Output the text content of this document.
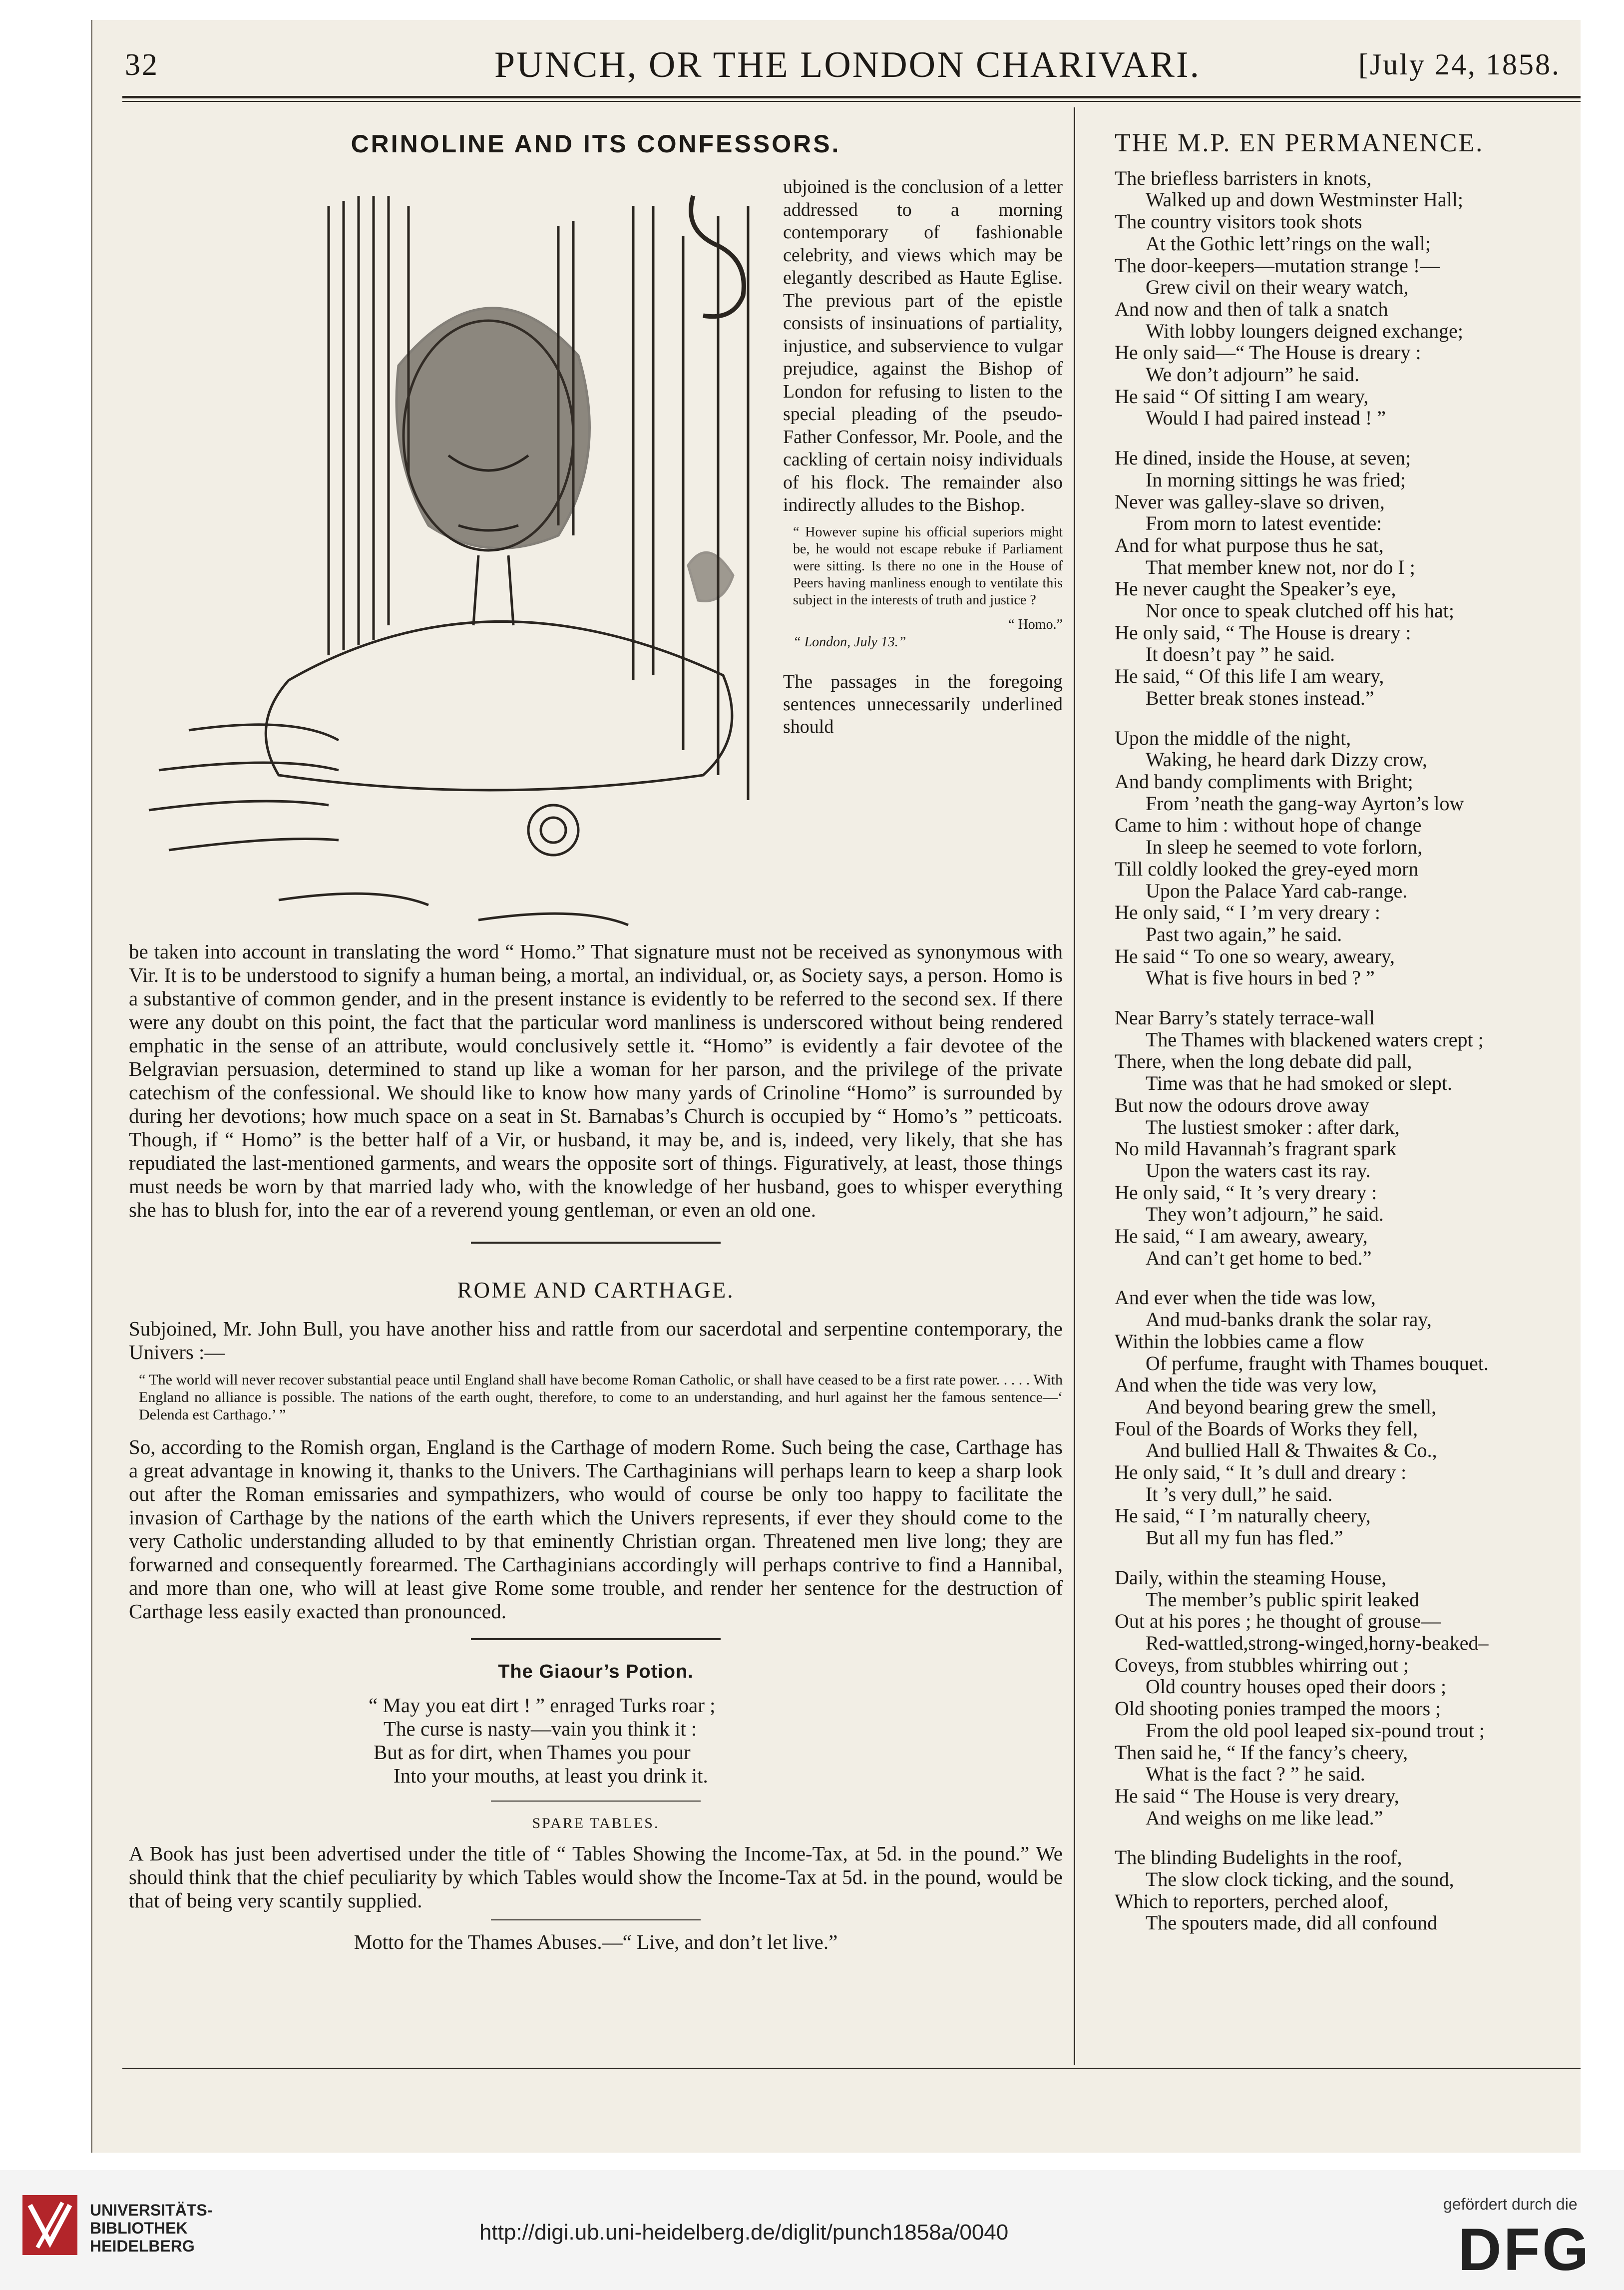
32	PUNCH, OR THE LONDON CHARIVARI.	[July 24, 1858.
CRINOLINE AND ITS CONFESSORS.

ubjoined is the conclusion of a letter addressed to a morning contemporary of fashionable celebrity, and views which may be elegantly described as Haute Eglise. The previous part of the epistle consists of insinuations of partiality, injustice, and subservience to vulgar prejudice, against the Bishop of London for refusing to listen to the special pleading of the pseudo-Father Confessor, Mr. Poole, and the cackling of certain noisy individuals of his flock. The remainder also indirectly alludes to the Bishop.

“ However supine his official superiors might be, he would not escape rebuke if Parliament were sitting. Is there no one in the House of Peers having manliness enough to ventilate this subject in the interests of truth and justice ?

“ Homo.”
“ London, July 13.”

The passages in the foregoing sentences unnecessarily underlined should

be taken into account in translating the word “ Homo.” That signature must not be received as synonymous with Vir. It is to be understood to signify a human being, a mortal, an individual, or, as Society says, a person. Homo is a substantive of common gender, and in the present instance is evidently to be referred to the second sex. If there were any doubt on this point, the fact that the particular word manliness is underscored without being rendered emphatic in the sense of an attribute, would conclusively settle it. “Homo” is evidently a fair devotee of the Belgravian persuasion, determined to stand up like a woman for her parson, and the privilege of the private catechism of the confessional. We should like to know how many yards of Crinoline “Homo” is surrounded by during her devotions; how much space on a seat in St. Barnabas’s Church is occupied by “ Homo’s ” petticoats. Though, if “ Homo” is the better half of a Vir, or husband, it may be, and is, indeed, very likely, that she has repudiated the last-mentioned garments, and wears the opposite sort of things. Figuratively, at least, those things must needs be worn by that married lady who, with the knowledge of her husband, goes to whisper everything she has to blush for, into the ear of a reverend young gentleman, or even an old one.

ROME AND CARTHAGE.

Subjoined, Mr. John Bull, you have another hiss and rattle from our sacerdotal and serpentine contemporary, the Univers :—

“ The world will never recover substantial peace until England shall have become Roman Catholic, or shall have ceased to be a first rate power. . . . . With England no alliance is possible. The nations of the earth ought, therefore, to come to an understanding, and hurl against her the famous sentence—‘ Delenda est Carthago.’ ”

So, according to the Romish organ, England is the Carthage of modern Rome. Such being the case, Carthage has a great advantage in knowing it, thanks to the Univers. The Carthaginians will perhaps learn to keep a sharp look out after the Roman emissaries and sympathizers, who would of course be only too happy to facilitate the invasion of Carthage by the nations of the earth which the Univers represents, if ever they should come to the very Catholic understanding alluded to by that eminently Christian organ. Threatened men live long; they are forwarned and consequently forearmed. The Carthaginians accordingly will perhaps contrive to find a Hannibal, and more than one, who will at least give Rome some trouble, and render her sentence for the destruction of Carthage less easily exacted than pronounced.

The Giaour’s Potion.
“ May you eat dirt ! ” enraged Turks roar ;
The curse is nasty—vain you think it :
But as for dirt, when Thames you pour
Into your mouths, at least you drink it.
SPARE TABLES.

A Book has just been advertised under the title of “ Tables Showing the Income-Tax, at 5d. in the pound.” We should think that the chief peculiarity by which Tables would show the Income-Tax at 5d. in the pound, would be that of being very scantily supplied.

Motto for the Thames Abuses.—“ Live, and don’t let live.”
THE M.P. EN PERMANENCE.
The briefless barristers in knots,
Walked up and down Westminster Hall;
The country visitors took shots
At the Gothic lett’rings on the wall;
The door-keepers—mutation strange !—
Grew civil on their weary watch,
And now and then of talk a snatch
With lobby loungers deigned exchange;
He only said—“ The House is dreary :
We don’t adjourn” he said.
He said “ Of sitting I am weary,
Would I had paired instead ! ”
He dined, inside the House, at seven;
In morning sittings he was fried;
Never was galley-slave so driven,
From morn to latest eventide:
And for what purpose thus he sat,
That member knew not, nor do I ;
He never caught the Speaker’s eye,
Nor once to speak clutched off his hat;
He only said, “ The House is dreary :
It doesn’t pay ” he said.
He said, “ Of this life I am weary,
Better break stones instead.”
Upon the middle of the night,
Waking, he heard dark Dizzy crow,
And bandy compliments with Bright;
From ’neath the gang-way Ayrton’s low
Came to him : without hope of change
In sleep he seemed to vote forlorn,
Till coldly looked the grey-eyed morn
Upon the Palace Yard cab-range.
He only said, “ I ’m very dreary :
Past two again,” he said.
He said “ To one so weary, aweary,
What is five hours in bed ? ”
Near Barry’s stately terrace-wall
The Thames with blackened waters crept ;
There, when the long debate did pall,
Time was that he had smoked or slept.
But now the odours drove away
The lustiest smoker : after dark,
No mild Havannah’s fragrant spark
Upon the waters cast its ray.
He only said, “ It ’s very dreary :
They won’t adjourn,” he said.
He said, “ I am aweary, aweary,
And can’t get home to bed.”
And ever when the tide was low,
And mud-banks drank the solar ray,
Within the lobbies came a flow
Of perfume, fraught with Thames bouquet.
And when the tide was very low,
And beyond bearing grew the smell,
Foul of the Boards of Works they fell,
And bullied Hall & Thwaites & Co.,
He only said, “ It ’s dull and dreary :
It ’s very dull,” he said.
He said, “ I ’m naturally cheery,
But all my fun has fled.”
Daily, within the steaming House,
The member’s public spirit leaked
Out at his pores ; he thought of grouse—
Red-wattled,strong-winged,horny-beaked–
Coveys, from stubbles whirring out ;
Old country houses oped their doors ;
Old shooting ponies tramped the moors ;
From the old pool leaped six-pound trout ;
Then said he, “ If the fancy’s cheery,
What is the fact ? ” he said.
He said “ The House is very dreary,
And weighs on me like lead.”
The blinding Budelights in the roof,
The slow clock ticking, and the sound,
Which to reporters, perched aloof,
The spouters made, did all confound
UNIVERSITÄTS-
BIBLIOTHEK
HEIDELBERG
http://digi.ub.uni-heidelberg.de/diglit/punch1858a/0040
gefördert durch die
DFG
